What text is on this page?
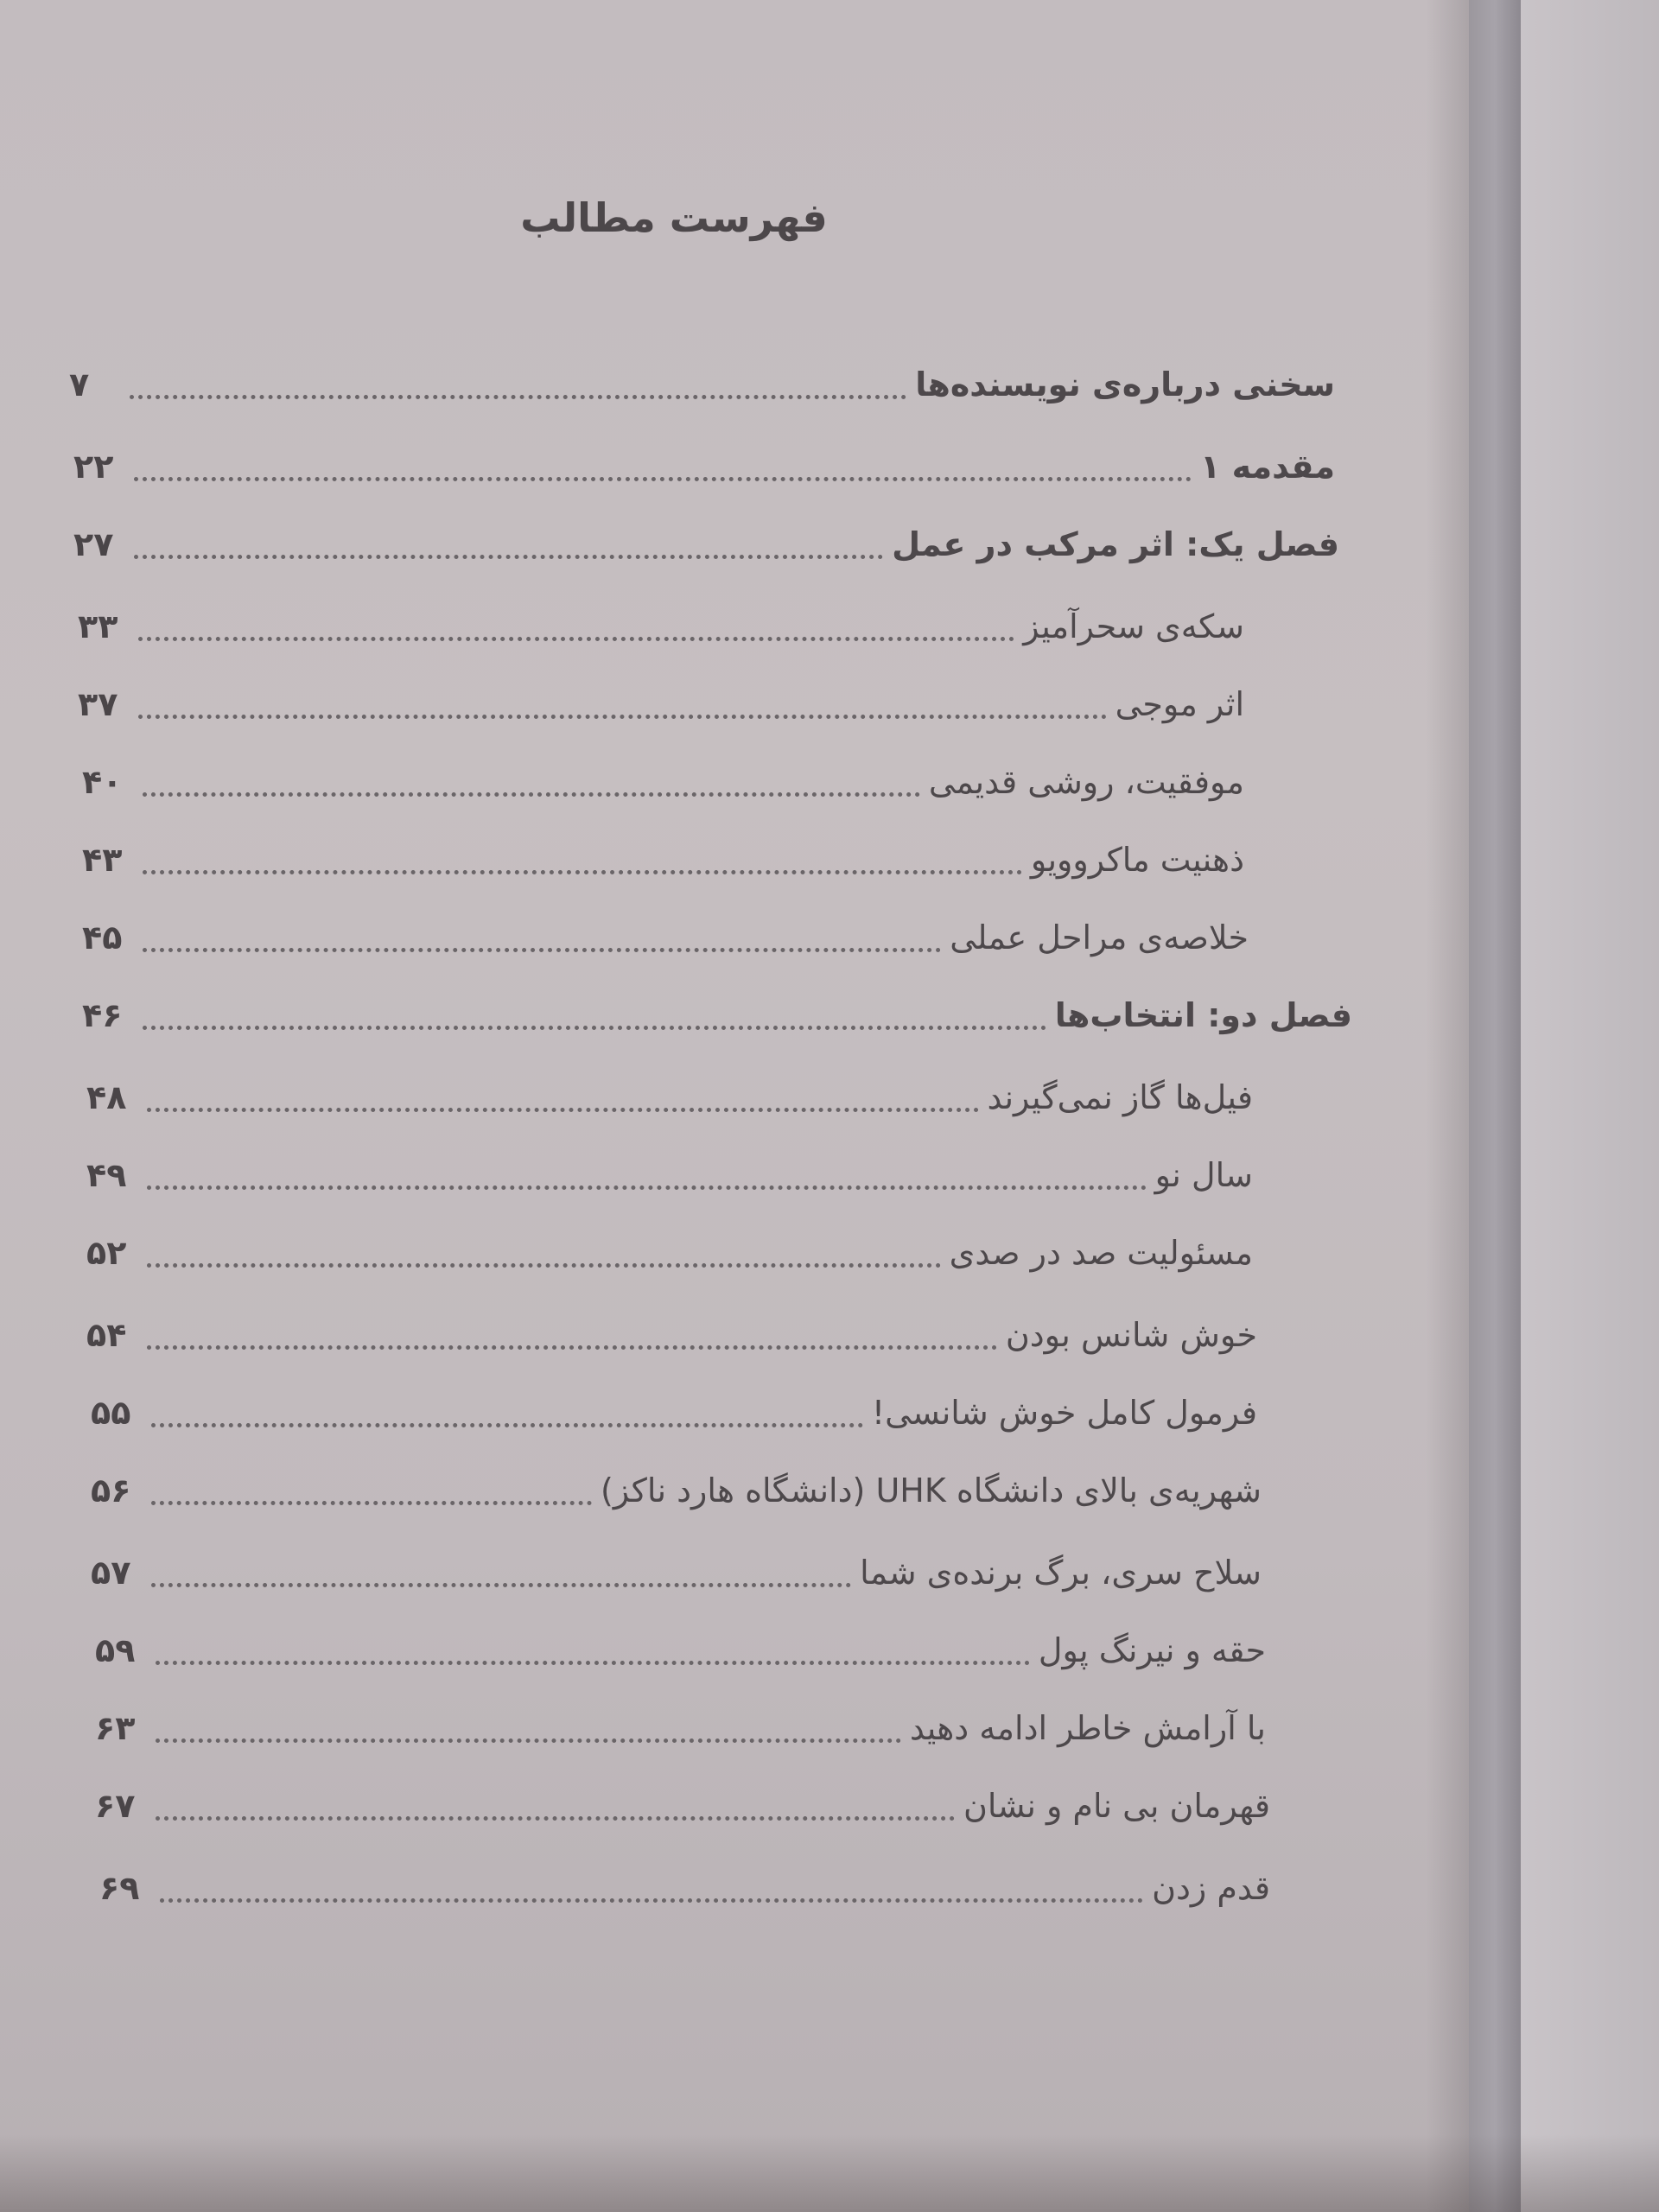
فهرست مطالب
سخنی درباره‌ی نویسنده‌ها
۷
مقدمه ۱
۲۲
فصل یک: اثر مرکب در عمل
۲۷
سکه‌ی سحرآمیز
۳۳
اثر موجی
۳۷
موفقیت، روشی قدیمی
۴۰
ذهنیت ماکروویو
۴۳
خلاصه‌ی مراحل عملی
۴۵
فصل دو: انتخاب‌ها
۴۶
فیل‌ها گاز نمی‌گیرند
۴۸
سال نو
۴۹
مسئولیت صد در صدی
۵۲
خوش شانس بودن
۵۴
فرمول کامل خوش شانسی!
۵۵
شهریه‌ی بالای دانشگاه UHK (دانشگاه هارد ناکز)
۵۶
سلاح سری، برگ برنده‌ی شما
۵۷
حقه و نیرنگ پول
۵۹
با آرامش خاطر ادامه دهید
۶۳
قهرمان بی نام و نشان
۶۷
قدم زدن
۶۹
